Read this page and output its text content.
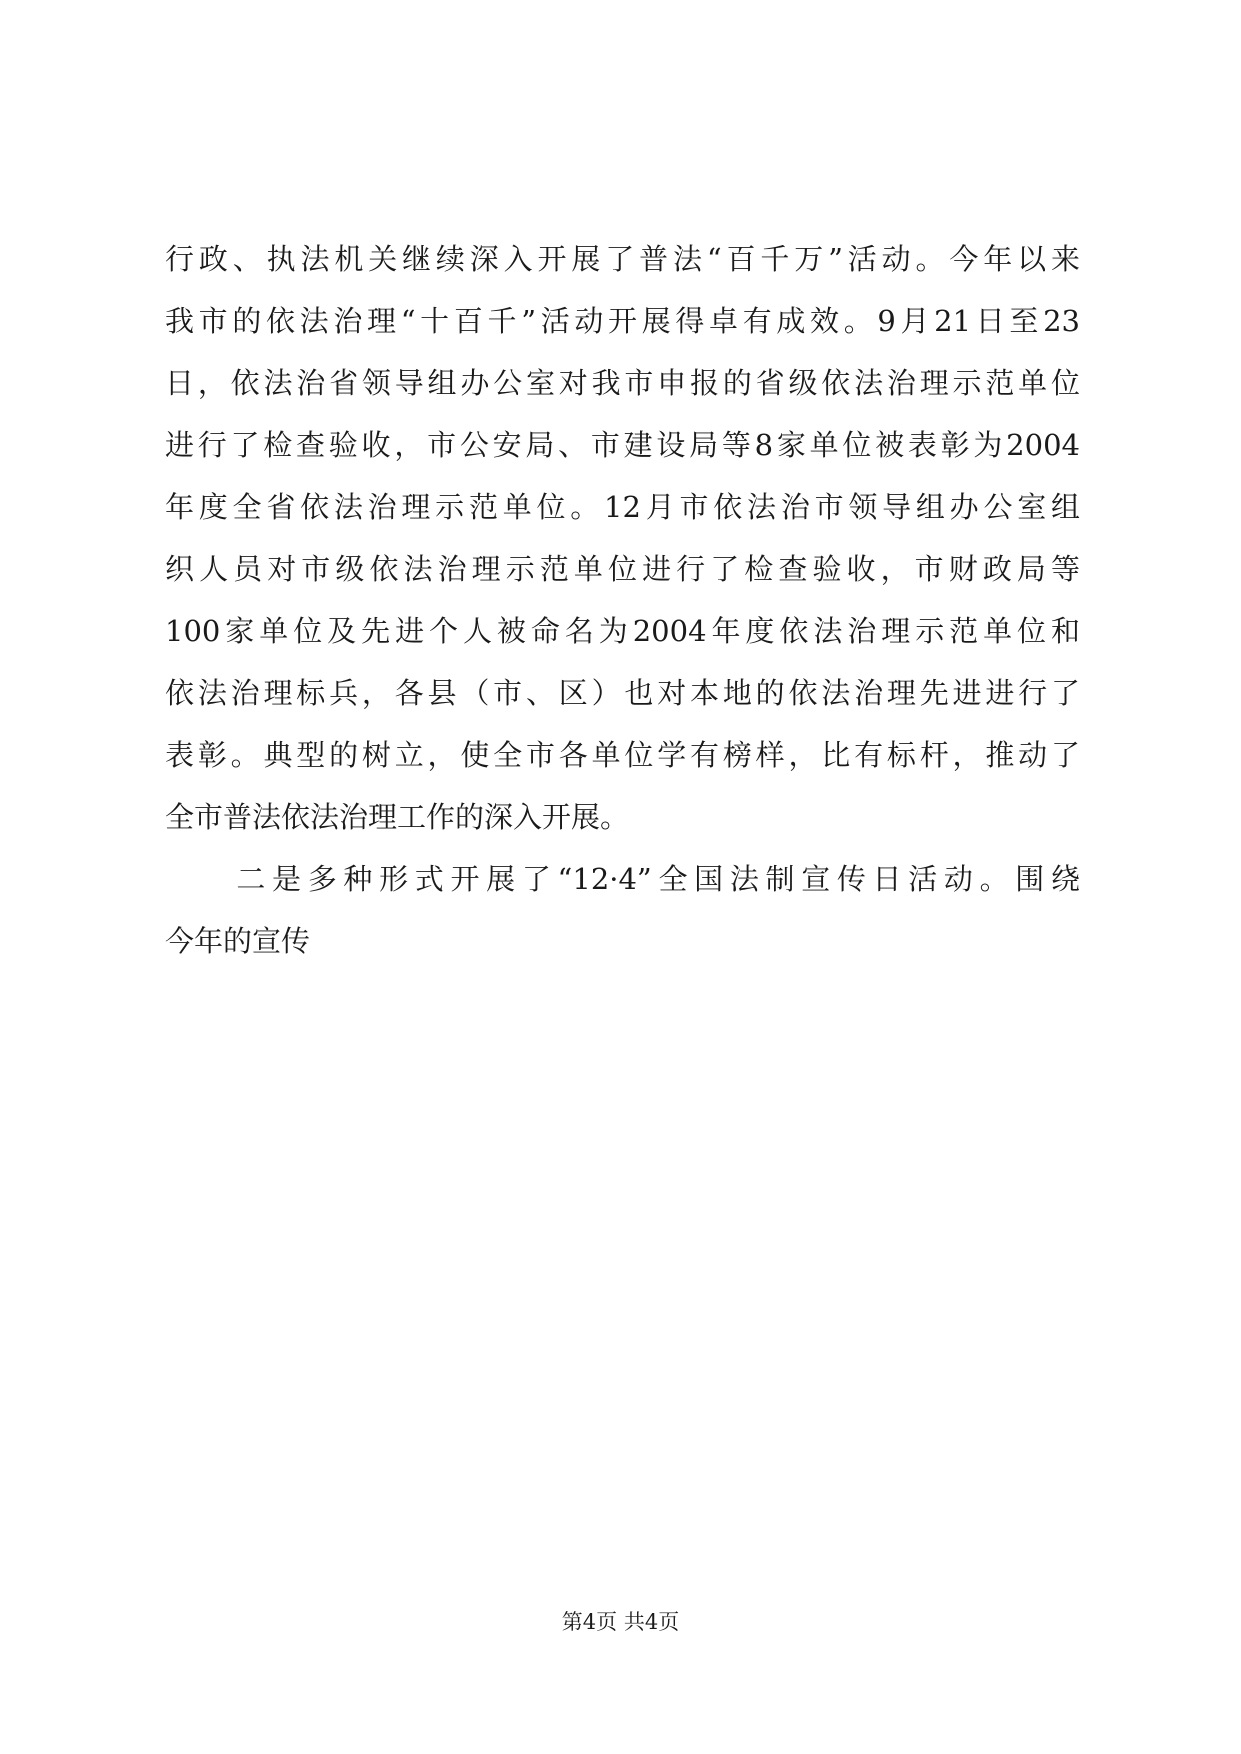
行政、执法机关继续深入开展了普法“百千万”活动。今年以来
我市的依法治理“十百千”活动开展得卓有成效。9月21日至23
日，依法治省领导组办公室对我市申报的省级依法治理示范单位
进行了检查验收，市公安局、市建设局等8家单位被表彰为2004
年度全省依法治理示范单位。12月市依法治市领导组办公室组
织人员对市级依法治理示范单位进行了检查验收，市财政局等
100家单位及先进个人被命名为2004年度依法治理示范单位和
依法治理标兵，各县（市、区）也对本地的依法治理先进进行了
表彰。典型的树立，使全市各单位学有榜样，比有标杆，推动了
全市普法依法治理工作的深入开展。
　　二是多种形式开展了“12·4”全国法制宣传日活动。围绕
今年的宣传
第4页 共4页
